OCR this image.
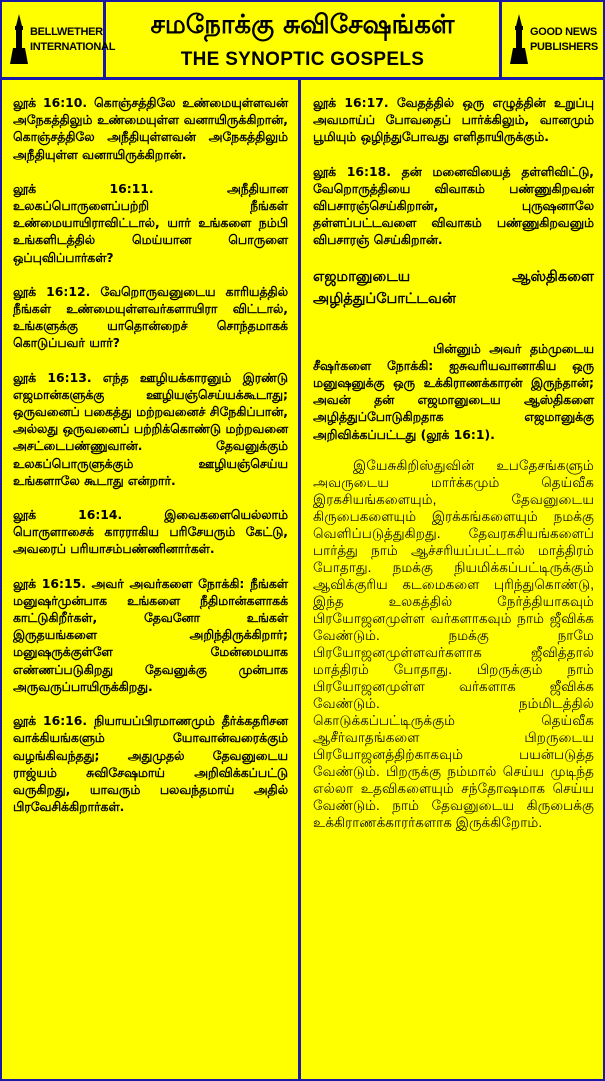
BELLWETHER
INTERNATIONAL
சமநோக்கு சுவிசேஷங்கள்
THE SYNOPTIC GOSPELS
GOOD NEWS
PUBLISHERS

லூக் 16:10. கொஞ்சத்திலே உண்மையுள்ளவன் அநேகத்திலும் உண்மையுள்ள வனாயிருக்கிறான், கொஞ்சத்திலே அநீதியுள்ளவன் அநேகத்திலும் அநீதியுள்ள வனாயிருக்கிறான்.

லூக் 16:11. அநீதியான உலகப்பொருளைப்பற்றி நீங்கள் உண்மையாயிராவிட்டால், யார் உங்களை நம்பி உங்களிடத்தில் மெய்யான பொருளை ஒப்புவிப்பார்கள்?

லூக் 16:12. வேறொருவனுடைய காரியத்தில் நீங்கள் உண்மையுள்ளவர்களாயிரா விட்டால், உங்களுக்கு யாதொன்றைச் சொந்தமாகக் கொடுப்பவர் யார்?

லூக் 16:13. எந்த ஊழியக்காரனும் இரண்டு எஜமான்களுக்கு ஊழியஞ்செய்யக்கூடாது; ஒருவனைப் பகைத்து மற்றவனைச் சிநேகிப்பான், அல்லது ஒருவனைப் பற்றிக்கொண்டு மற்றவனை அசட்டைபண்ணுவான். தேவனுக்கும் உலகப்பொருளுக்கும் ஊழியஞ்செய்ய உங்களாலே கூடாது என்றார்.

லூக் 16:14. இவைகளையெல்லாம் பொருளாசைக் காரராகிய பரிசேயரும் கேட்டு, அவரைப் பரியாசம்பண்ணினார்கள்.

லூக் 16:15. அவர் அவர்களை நோக்கி: நீங்கள் மனுஷர்முன்பாக உங்களை நீதிமான்களாகக் காட்டுகிறீர்கள், தேவனோ உங்கள் இருதயங்களை அறிந்திருக்கிறார்; மனுஷருக்குள்ளே மேன்மையாக எண்ணப்படுகிறது தேவனுக்கு முன்பாக அருவருப்பாயிருக்கிறது.

லூக் 16:16. நியாயப்பிரமாணமும் தீர்க்கதரிசன வாக்கியங்களும் யோவான்வரைக்கும் வழங்கிவந்தது; அதுமுதல் தேவனுடைய ராஜ்யம் சுவிசேஷமாய் அறிவிக்கப்பட்டு வருகிறது, யாவரும் பலவந்தமாய் அதில் பிரவேசிக்கிறார்கள்.

லூக் 16:17. வேதத்தில் ஒரு எழுத்தின் உறுப்பு அவமாய்ப் போவதைப் பார்க்கிலும், வானமும் பூமியும் ஒழிந்துபோவது எளிதாயிருக்கும்.

லூக் 16:18. தன் மனைவியைத் தள்ளிவிட்டு, வேறொருத்தியை விவாகம் பண்ணுகிறவன் விபசாரஞ்செய்கிறான், புருஷனாலே தள்ளப்பட்டவளை விவாகம் பண்ணுகிறவனும் விபசாரஞ் செய்கிறான்.

எஜமானுடைய ஆஸ்திகளை அழித்துப்போட்டவன்

பின்னும் அவர் தம்முடைய சீஷர்களை நோக்கி: ஐசுவரியவானாகிய ஒரு மனுஷனுக்கு ஒரு உக்கிராணக்காரன் இருந்தான்; அவன் தன் எஜமானுடைய ஆஸ்திகளை அழித்துப்போடுகிறதாக எஜமானுக்கு அறிவிக்கப்பட்டது (லூக் 16:1).

இயேசுகிறிஸ்துவின் உபதேசங்களும் அவருடைய மார்க்கமும் தெய்வீக இரகசியங்களையும், தேவனுடைய கிருபைகளையும் இரக்கங்களையும் நமக்கு வெளிப்படுத்துகிறது. தேவரகசியங்களைப் பார்த்து நாம் ஆச்சரியப்பட்டால் மாத்திரம் போதாது. நமக்கு நியமிக்கப்பட்டிருக்கும் ஆவிக்குரிய கடமைகளை புரிந்துகொண்டு, இந்த உலகத்தில் நேர்த்தியாகவும் பிரயோஜனமுள்ள வர்களாகவும் நாம் ஜீவிக்க வேண்டும். நமக்கு நாமே பிரயோஜனமுள்ளவர்களாக ஜீவித்தால் மாத்திரம் போதாது. பிறருக்கும் நாம் பிரயோஜனமுள்ள வர்களாக ஜீவிக்க வேண்டும். நம்மிடத்தில் கொடுக்கப்பட்டிருக்கும் தெய்வீக ஆசீர்வாதங்களை பிறருடைய பிரயோஜனத்திற்காகவும் பயன்படுத்த வேண்டும். பிறருக்கு நம்மால் செய்ய முடிந்த எல்லா உதவிகளையும் சந்தோஷமாக செய்ய வேண்டும். நாம் தேவனுடைய கிருபைக்கு உக்கிராணக்காரர்களாக இருக்கிறோம்.
